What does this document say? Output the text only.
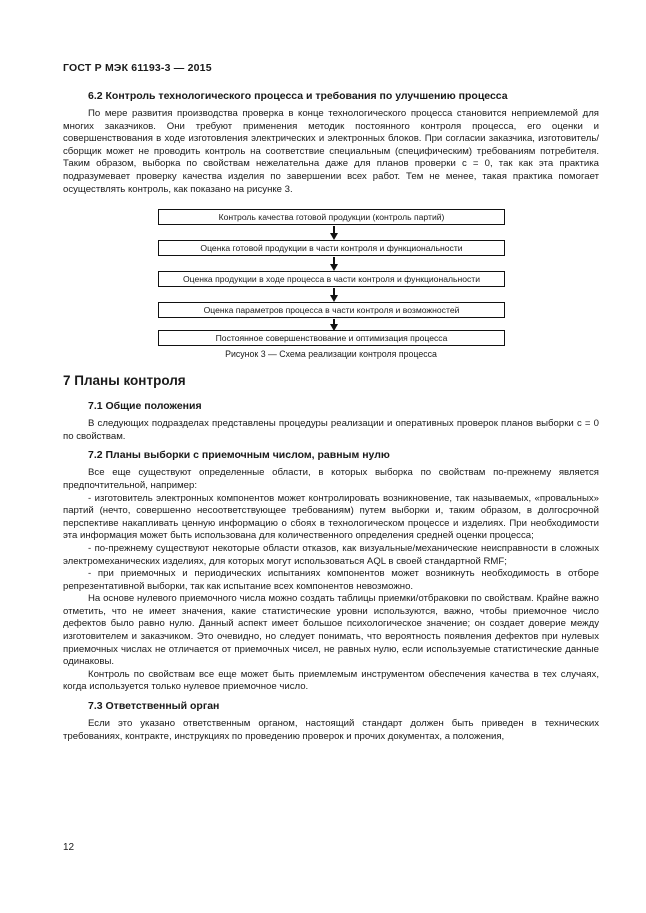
ГОСТ Р МЭК 61193-3 — 2015
6.2 Контроль технологического процесса и требования по улучшению процесса

По мере развития производства проверка в конце технологического процесса становится неприемлемой для многих заказчиков. Они требуют применения методик постоянного контроля процесса, его оценки и совершенствования в ходе изготовления электрических и электронных блоков. При согласии заказчика, изготовитель/сборщик может не проводить контроль на соответствие специальным (специфическим) требованиям потребителя. Таким образом, выборка по свойствам нежелательна даже для планов проверки c = 0, так как эта практика подразумевает проверку качества изделия по завершении всех работ. Тем не менее, такая практика помогает осуществлять контроль, как показано на рисунке 3.

Контроль качества готовой продукции (контроль партий)
Оценка готовой продукции в части контроля и функциональности
Оценка продукции в ходе процесса в части контроля и функциональности
Оценка параметров процесса в части контроля и возможностей
Постоянное совершенствование и оптимизация процесса
Рисунок 3 — Схема реализации контроля процесса
7 Планы контроля
7.1 Общие положения

В следующих подразделах представлены процедуры реализации и оперативных проверок планов выборки c = 0 по свойствам.

7.2 Планы выборки с приемочным числом, равным нулю

Все еще существуют определенные области, в которых выборка по свойствам по-прежнему является предпочтительной, например:

- изготовитель электронных компонентов может контролировать возникновение, так называемых, «провальных» партий (нечто, совершенно несоответствующее требованиям) путем выборки и, таким образом, в долгосрочной перспективе накапливать ценную информацию о сбоях в технологическом процессе и изделиях. При необходимости эта информация может быть использована для количественного определения средней оценки процесса;

- по-прежнему существуют некоторые области отказов, как визуальные/механические неисправности в сложных электромеханических изделиях, для которых могут использоваться AQL в своей стандартной RMF;

- при приемочных и периодических испытаниях компонентов может возникнуть необходимость в отборе репрезентативной выборки, так как испытание всех компонентов невозможно.

На основе нулевого приемочного числа можно создать таблицы приемки/отбраковки по свойствам. Крайне важно отметить, что не имеет значения, какие статистические уровни используются, важно, чтобы приемочное число дефектов было равно нулю. Данный аспект имеет большое психологическое значение; он создает доверие между изготовителем и заказчиком. Это очевидно, но следует понимать, что вероятность появления дефектов при нулевых приемочных числах не отличается от приемочных чисел, не равных нулю, если используемые статистические данные одинаковы.

Контроль по свойствам все еще может быть приемлемым инструментом обеспечения качества в тех случаях, когда используется только нулевое приемочное число.

7.3 Ответственный орган

Если это указано ответственным органом, настоящий стандарт должен быть приведен в технических требованиях, контракте, инструкциях по проведению проверок и прочих документах, а положения,

12
